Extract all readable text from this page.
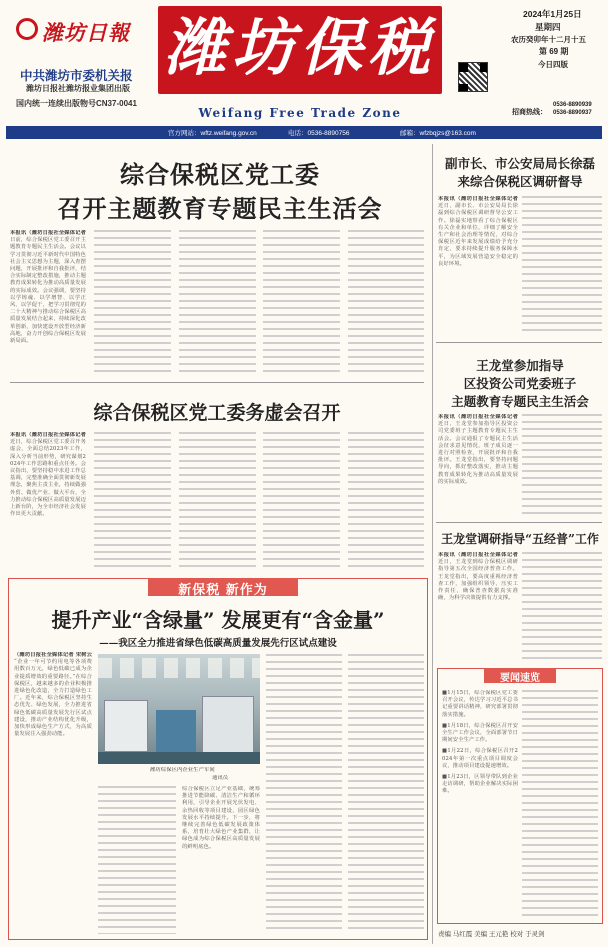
潍坊日報
中共潍坊市委机关报
潍坊日报社潍坊报业集团出版
国内统一连续出版物号CN37-0041
潍坊保税
Weifang Free Trade Zone
2024年1月25日
星期四
农历癸卯年十二月十五
第 69 期
今日四版
招商热线：
0536-8890939
0536-8890937
官方网站：wftz.weifang.gov.cn	电话：0536-8890756	邮箱：wfzbqjzs@163.com
综合保税区党工委
召开主题教育专题民主生活会
本报讯（潍坊日报社全媒体记者 日前，综合保税区党工委召开主题教育专题民主生活会。会议以学习贯彻习近平新时代中国特色社会主义思想为主题，深入查摆问题，开展批评和自我批评，结合实际制定整改措施，推动主题教育成果转化为推动高质量发展的实际成效。会议强调，要坚持以学铸魂、以学增智、以学正风、以学促干，把学习贯彻党的二十大精神与推动综合保税区高质量发展结合起来，持续深化改革创新，加快建设开放型经济新高地，奋力开创综合保税区发展新局面。
综合保税区党工委务虚会召开
本报讯（潍坊日报社全媒体记者 近日，综合保税区党工委召开务虚会，全面总结2023年工作，深入分析当前形势，研究谋划2024年工作思路和重点任务。会议指出，要坚持稳中求进工作总基调，完整准确全面贯彻新发展理念，聚焦主责主业，持续做强外贸、做优产业、做大平台，全力推动综合保税区高质量发展迈上新台阶，为全市经济社会发展作出更大贡献。
新保税 新作为
提升产业“含绿量” 发展更有“含金量”
——我区全力推进省绿色低碳高质量发展先行区试点建设
（潍坊日报社全媒体记者 宋树云 “企业一年可节约用电等各项费用数百万元，绿色低碳已成为企业提质增效的重要路径。”在综合保税区，越来越多的企业积极推进绿色化改造，全力打造绿色工厂。近年来，综合保税区坚持生态优先、绿色发展，全力推进省绿色低碳高质量发展先行区试点建设，推动产业结构优化升级，加快形成绿色生产方式，为高质量发展注入强劲动能。
潍坊综保区内企业生产车间
通讯员
综合保税区立足产业基础，统筹推进节能降碳、清洁生产和循环利用，引导企业开展光伏发电、余热回收等项目建设，园区绿色发展水平持续提升。下一步，将继续完善绿色低碳发展政策体系，培育壮大绿色产业集群，让绿色成为综合保税区高质量发展的鲜明底色。
副市长、市公安局局长徐磊
来综合保税区调研督导
本报讯（潍坊日报社全媒体记者 近日，副市长、市公安局局长徐磊到综合保税区调研督导公安工作。徐磊实地察看了综合保税区有关企业和单位，详细了解安全生产和社会治理等情况，对综合保税区近年来发展成绩给予充分肯定，要求持续提升服务保障水平，为区域发展营造安全稳定的良好环境。
王龙堂参加指导
区投资公司党委班子
主题教育专题民主生活会
本报讯（潍坊日报社全媒体记者 近日，王龙堂参加指导区投资公司党委班子主题教育专题民主生活会。会议通报了专题民主生活会征求意见情况，班子成员逐一进行对照检查，开展批评和自我批评。王龙堂指出，要坚持问题导向，抓好整改落实，推动主题教育成果转化为推动高质量发展的实际成效。
王龙堂调研指导“五经普”工作
本报讯（潍坊日报社全媒体记者 近日，王龙堂到综合保税区调研指导第五次全国经济普查工作。王龙堂指出，要高度重视经济普查工作，加强组织领导，压实工作责任，确保普查数据真实准确，为科学决策提供有力支撑。
要闻速览
■1月15日，综合保税区党工委召开会议，传达学习习近平总书记重要讲话精神，研究部署贯彻落实措施。
■1月18日，综合保税区召开安全生产工作会议，全面部署节日期间安全生产工作。
■1月22日，综合保税区召开2024年第一次重点项目调度会议，推动项目建设提速增效。
■1月23日，区领导带队到企业走访调研，帮助企业解决实际困难。
责编 马红霞 美编 王元艳 校对 于灵剑
